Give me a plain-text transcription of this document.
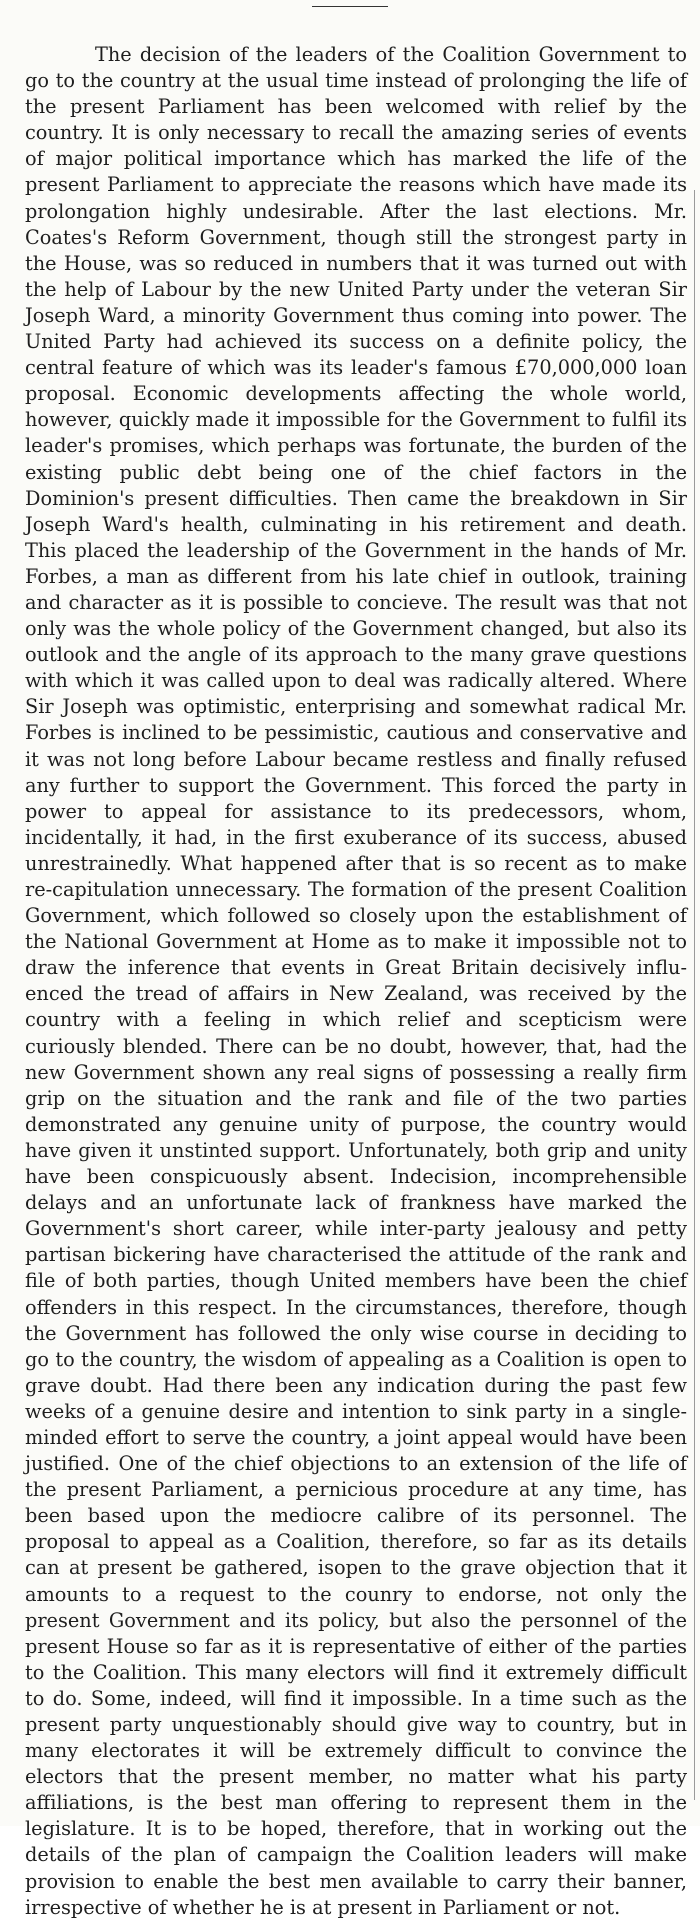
The decision of the leaders of the Coalition Government to go to the country at the usual time instead of prolonging the life of the present Parliament has been welcomed with relief by the country. It is only necessary to recall the amazing series of events of major political importance which has marked the life of the present Parliament to appreciate the reasons which have made its prolongation highly undesirable. After the last elections. Mr. Coates's Reform Government, though still the strongest party in the House, was so reduced in numbers that it was turned out with the help of Labour by the new United Party under the veteran Sir Joseph Ward, a minority Government thus coming into power. The United Party had achieved its success on a definite policy, the central feature of which was its leader's famous £70,000,000 loan proposal. Economic developments affecting the whole world, however, quickly made it impossible for the Government to fulfil its leader's promises, which perhaps was fortunate, the burden of the existing public debt being one of the chief factors in the Dominion's present difficulties. Then came the breakdown in Sir Joseph Ward's health, culminating in his retirement and death. This placed the leadership of the Government in the hands of Mr. Forbes, a man as different from his late chief in outlook, training and character as it is possible to concieve. The result was that not only was the whole policy of the Government changed, but also its outlook and the angle of its approach to the many grave questions with which it was called upon to deal was radically altered. Where Sir Joseph was optimistic, enterprising and somewhat radical Mr. Forbes is inclined to be pessimistic, cautious and conservative and it was not long before Labour became restless and finally refused any further to support the Government. This forced the party in power to appeal for assistance to its predecessors, whom, incidentally, it had, in the first exuberance of its success, abused unrestrainedly. What happened after that is so recent as to make re-capitulation unnecessary. The formation of the present Coalition Government, which followed so closely upon the establishment of the National Government at Home as to make it impossible not to draw the inference that events in Great Britain decisively influenced the tread of affairs in New Zealand, was received by the country with a feeling in which relief and scepticism were curiously blended. There can be no doubt, however, that, had the new Government shown any real signs of possessing a really firm grip on the situation and the rank and file of the two parties demonstrated any genuine unity of purpose, the country would have given it unstinted support. Unfortunately, both grip and unity have been conspicuously absent. Indecision, incomprehensible delays and an unfortunate lack of frankness have marked the Government's short career, while inter-party jealousy and petty partisan bickering have characterised the attitude of the rank and file of both parties, though United members have been the chief offenders in this respect. In the circumstances, therefore, though the Government has followed the only wise course in deciding to go to the country, the wisdom of appealing as a Coalition is open to grave doubt. Had there been any indication during the past few weeks of a genuine desire and intention to sink party in a single-minded effort to serve the country, a joint appeal would have been justified. One of the chief objections to an extension of the life of the present Parliament, a pernicious procedure at any time, has been based upon the mediocre calibre of its personnel. The proposal to appeal as a Coalition, therefore, so far as its details can at present be gathered, isopen to the grave objection that it amounts to a request to the counry to endorse, not only the present Government and its policy, but also the personnel of the present House so far as it is representative of either of the parties to the Coalition. This many electors will find it extremely difficult to do. Some, indeed, will find it impossible. In a time such as the present party unquestionably should give way to country, but in many electorates it will be extremely difficult to convince the electors that the present member, no matter what his party affiliations, is the best man offering to represent them in the legislature. It is to be hoped, therefore, that in working out the details of the plan of campaign the Coalition leaders will make provision to enable the best men available to carry their banner, irrespective of whether he is at present in Parliament or not.
